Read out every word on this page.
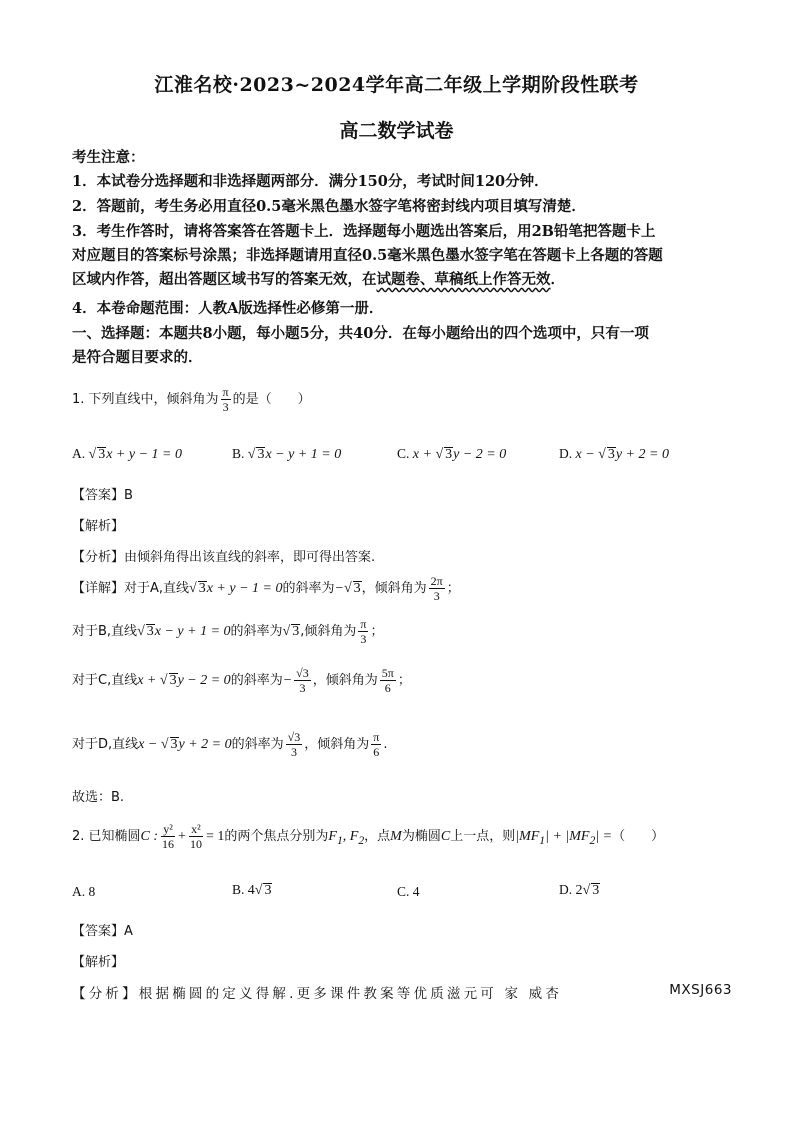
江淮名校·2023~2024学年高二年级上学期阶段性联考
高二数学试卷
考生注意：
1．本试卷分选择题和非选择题两部分．满分150分，考试时间120分钟．
2．答题前，考生务必用直径0.5毫米黑色墨水签字笔将密封线内项目填写清楚．
3．考生作答时，请将答案答在答题卡上．选择题每小题选出答案后，用2B铅笔把答题卡上
对应题目的答案标号涂黑；非选择题请用直径0.5毫米黑色墨水签字笔在答题卡上各题的答题
区域内作答，超出答题区域书写的答案无效，在试题卷、草稿纸上作答无效．
4．本卷命题范围：人教A版选择性必修第一册．
一、选择题：本题共8小题，每小题5分，共40分．在每小题给出的四个选项中，只有一项
是符合题目要求的．
1. 下列直线中，倾斜角为 $\frac{\pi}{3}$ 的是（　　）
A. √ 3x + y − 1 = 0	B. √ 3x − y + 1 = 0	C. x + √ 3y − 2 = 0	D. x − √ 3y + 2 = 0
【答案】B
【解析】
【分析】由倾斜角得出该直线的斜率，即可得出答案.
【详解】对于A,直线√ 3x + y − 1 = 0的斜率为−√ 3，倾斜角为 $\frac{2\pi}{3}$ ；
对于B,直线√ 3x − y + 1 = 0的斜率为√ 3,倾斜角为 $\frac{\pi}{3}$ ；
对于C,直线x + √ 3y − 2 = 0的斜率为− $\frac{√3}{3}$ ，倾斜角为 $\frac{5\pi}{6}$ ；
对于D,直线x − √ 3y + 2 = 0的斜率为 $\frac{√3}{3}$ ，倾斜角为 $\frac{\pi}{6}$ .
故选：B.
2. 已知椭圆C : $\frac{\text{y²}}{16} + \frac{\text{x²}}{10} = 1$的两个焦点分别为$F_1$, $F_2$，点M为椭圆C上一点，则$|MF_1| + |MF_2|$ =（　　）
A. 8	B. 4√ 3	C. 4	D. 2√ 3
【答案】A
【解析】
【分析】根据椭圆的定义得解.更多课件教案等优质滋元可 家 威杏	MXSJ663
